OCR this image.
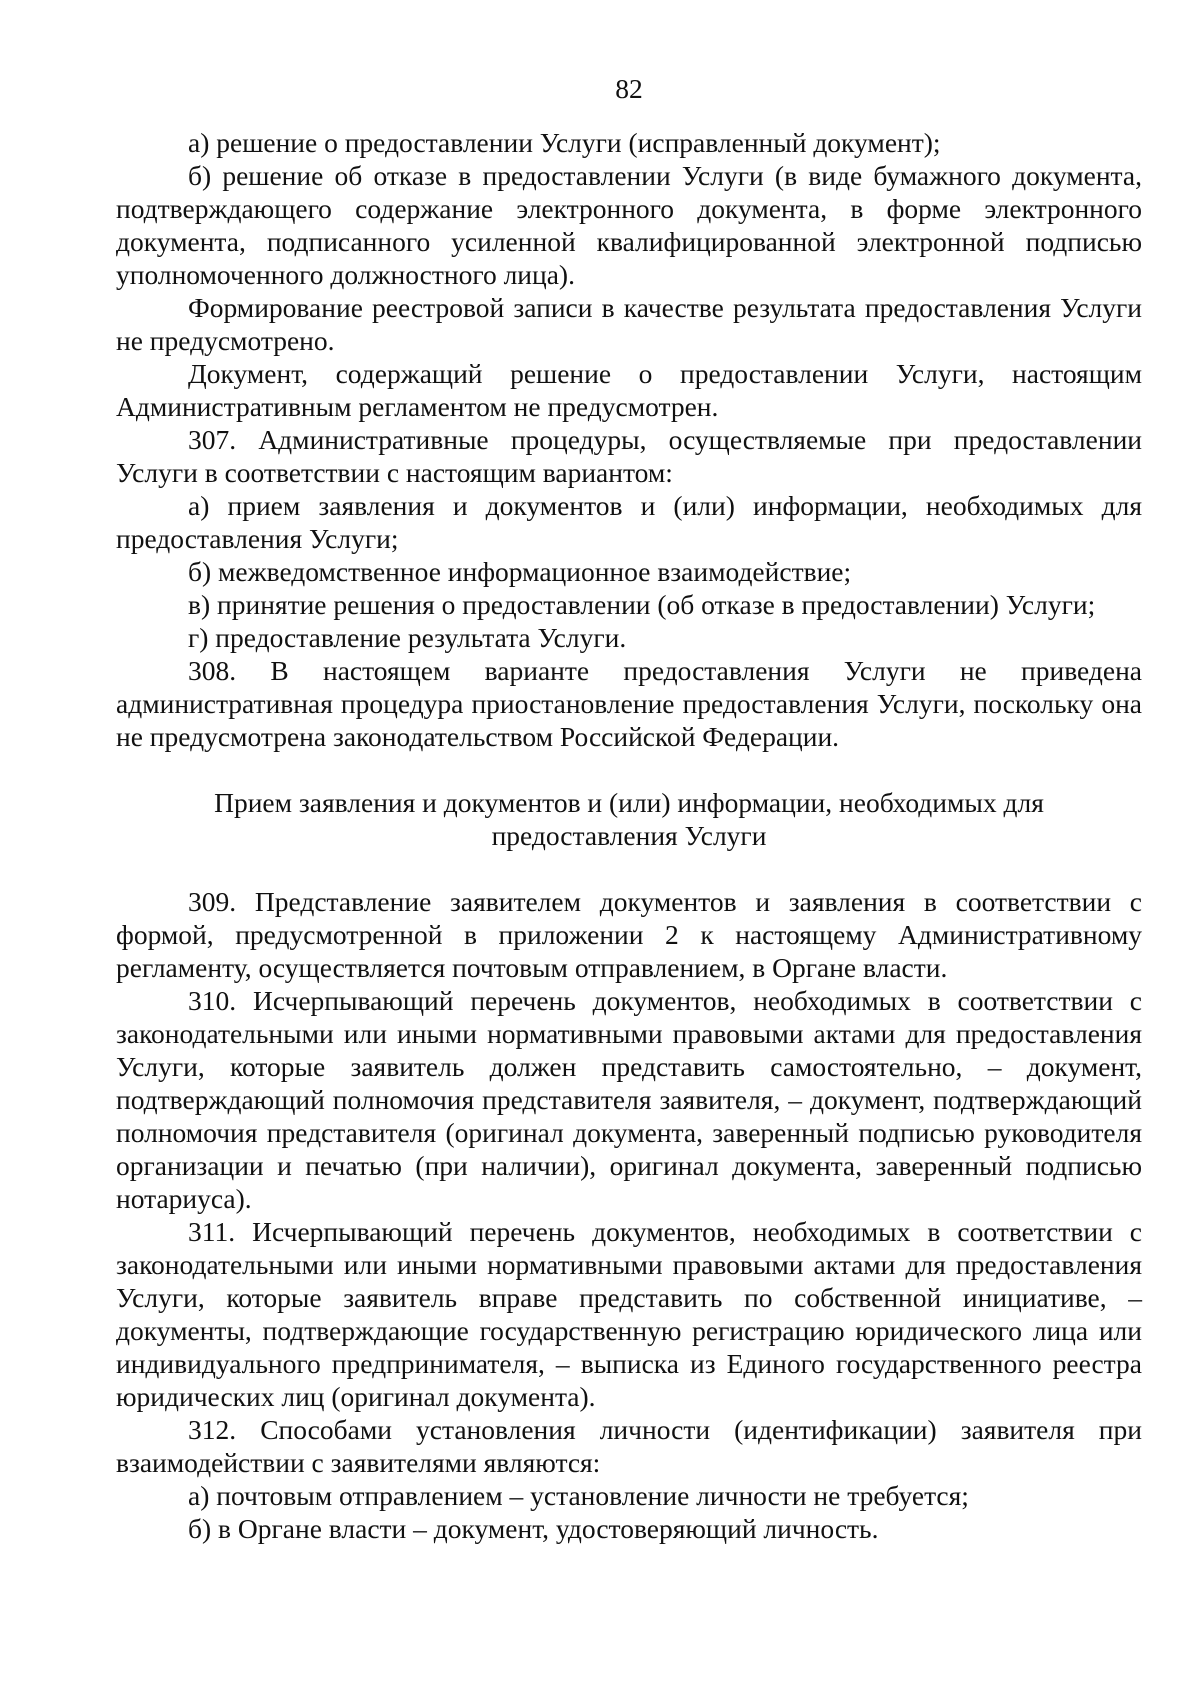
82

а) решение о предоставлении Услуги (исправленный документ);

б) решение об отказе в предоставлении Услуги (в виде бумажного документа, подтверждающего содержание электронного документа, в форме электронного документа, подписанного усиленной квалифицированной электронной подписью уполномоченного должностного лица).

Формирование реестровой записи в качестве результата предоставления Услуги не предусмотрено.

Документ, содержащий решение о предоставлении Услуги, настоящим Административным регламентом не предусмотрен.

307. Административные процедуры, осуществляемые при предоставлении Услуги в соответствии с настоящим вариантом:

а) прием заявления и документов и (или) информации, необходимых для предоставления Услуги;

б) межведомственное информационное взаимодействие;

в) принятие решения о предоставлении (об отказе в предоставлении) Услуги;

г) предоставление результата Услуги.

308. В настоящем варианте предоставления Услуги не приведена административная процедура приостановление предоставления Услуги, поскольку она не предусмотрена законодательством Российской Федерации.

Прием заявления и документов и (или) информации, необходимых для предоставления Услуги

309. Представление заявителем документов и заявления в соответствии с формой, предусмотренной в приложении 2 к настоящему Административному регламенту, осуществляется почтовым отправлением, в Органе власти.

310. Исчерпывающий перечень документов, необходимых в соответствии с законодательными или иными нормативными правовыми актами для предоставления Услуги, которые заявитель должен представить самостоятельно, – документ, подтверждающий полномочия представителя заявителя, – документ, подтверждающий полномочия представителя (оригинал документа, заверенный подписью руководителя организации и печатью (при наличии), оригинал документа, заверенный подписью нотариуса).

311. Исчерпывающий перечень документов, необходимых в соответствии с законодательными или иными нормативными правовыми актами для предоставления Услуги, которые заявитель вправе представить по собственной инициативе, – документы, подтверждающие государственную регистрацию юридического лица или индивидуального предпринимателя, – выписка из Единого государственного реестра юридических лиц (оригинал документа).

312. Способами установления личности (идентификации) заявителя при взаимодействии с заявителями являются:

а) почтовым отправлением – установление личности не требуется;

б) в Органе власти – документ, удостоверяющий личность.
